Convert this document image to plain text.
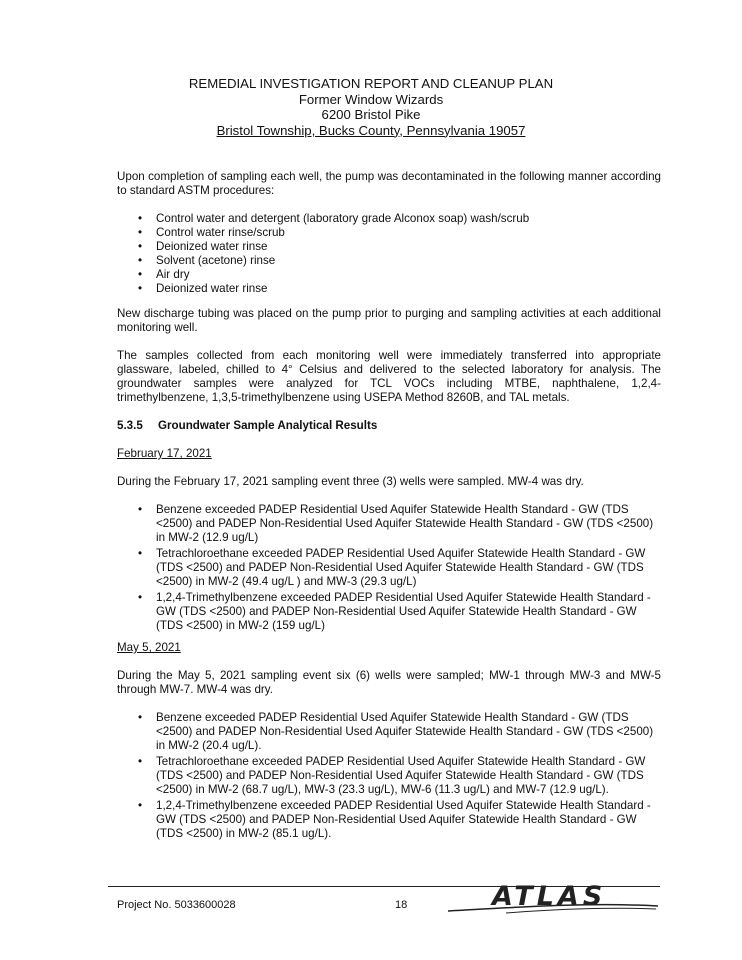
REMEDIAL INVESTIGATION REPORT AND CLEANUP PLAN
Former Window Wizards
6200 Bristol Pike
Bristol Township, Bucks County, Pennsylvania 19057

Upon completion of sampling each well, the pump was decontaminated in the following manner according to standard ASTM procedures:

• Control water and detergent (laboratory grade Alconox soap) wash/scrub
• Control water rinse/scrub
• Deionized water rinse
• Solvent (acetone) rinse
• Air dry
• Deionized water rinse

New discharge tubing was placed on the pump prior to purging and sampling activities at each additional monitoring well.

The samples collected from each monitoring well were immediately transferred into appropriate glassware, labeled, chilled to 4° Celsius and delivered to the selected laboratory for analysis. The groundwater samples were analyzed for TCL VOCs including MTBE, naphthalene, 1,2,4-trimethylbenzene, 1,3,5-trimethylbenzene using USEPA Method 8260B, and TAL metals.

5.3.5	Groundwater Sample Analytical Results
February 17, 2021

During the February 17, 2021 sampling event three (3) wells were sampled. MW-4 was dry.

• Benzene exceeded PADEP Residential Used Aquifer Statewide Health Standard - GW (TDS <2500) and PADEP Non-Residential Used Aquifer Statewide Health Standard - GW (TDS <2500) in MW-2 (12.9 ug/L)
• Tetrachloroethane exceeded PADEP Residential Used Aquifer Statewide Health Standard - GW (TDS <2500) and PADEP Non-Residential Used Aquifer Statewide Health Standard - GW (TDS <2500) in MW-2 (49.4 ug/L ) and MW-3 (29.3 ug/L)
• 1,2,4-Trimethylbenzene exceeded PADEP Residential Used Aquifer Statewide Health Standard - GW (TDS <2500) and PADEP Non-Residential Used Aquifer Statewide Health Standard - GW (TDS <2500) in MW-2 (159 ug/L)
May 5, 2021

During the May 5, 2021 sampling event six (6) wells were sampled; MW-1 through MW-3 and MW-5 through MW-7. MW-4 was dry.

• Benzene exceeded PADEP Residential Used Aquifer Statewide Health Standard - GW (TDS <2500) and PADEP Non-Residential Used Aquifer Statewide Health Standard - GW (TDS <2500) in MW-2 (20.4 ug/L).
• Tetrachloroethane exceeded PADEP Residential Used Aquifer Statewide Health Standard - GW (TDS <2500) and PADEP Non-Residential Used Aquifer Statewide Health Standard - GW (TDS <2500) in MW-2 (68.7 ug/L), MW-3 (23.3 ug/L), MW-6 (11.3 ug/L) and MW-7 (12.9 ug/L).
• 1,2,4-Trimethylbenzene exceeded PADEP Residential Used Aquifer Statewide Health Standard - GW (TDS <2500) and PADEP Non-Residential Used Aquifer Statewide Health Standard - GW (TDS <2500) in MW-2 (85.1 ug/L).
Project No. 5033600028	18	ATLAS
